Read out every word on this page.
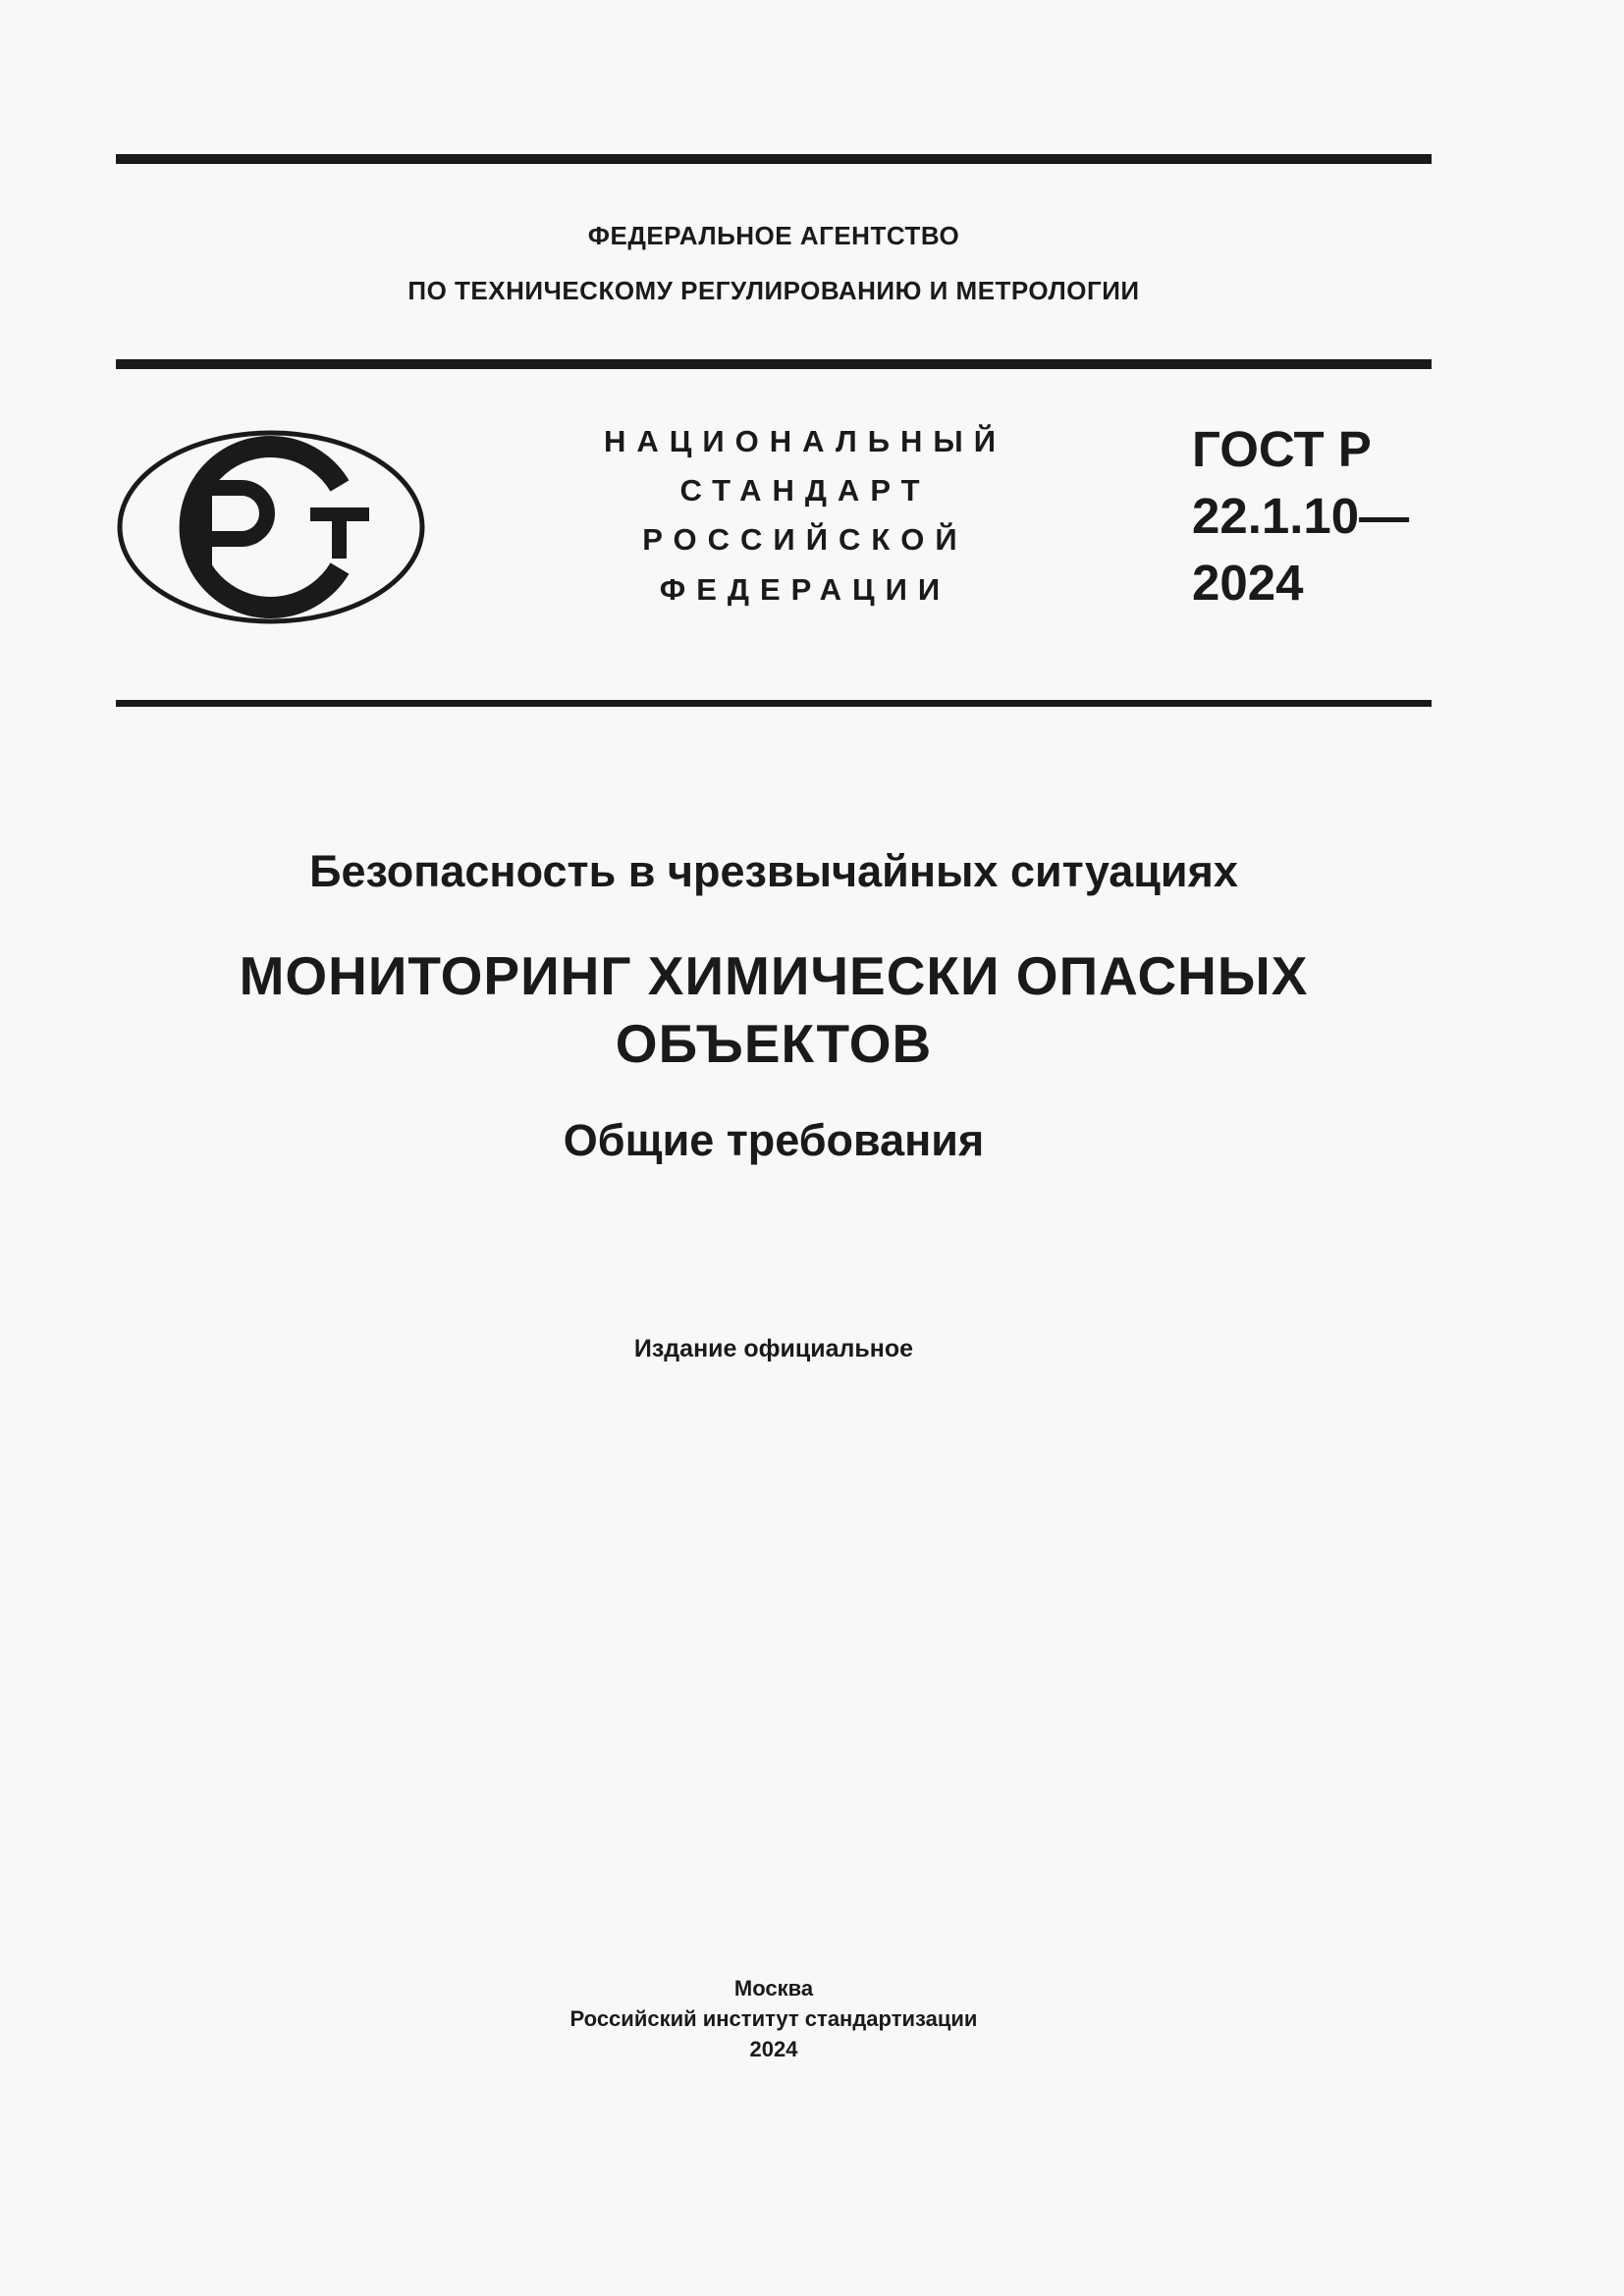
ФЕДЕРАЛЬНОЕ АГЕНТСТВО
ПО ТЕХНИЧЕСКОМУ РЕГУЛИРОВАНИЮ И МЕТРОЛОГИИ
НАЦИОНАЛЬНЫЙ
СТАНДАРТ
РОССИЙСКОЙ
ФЕДЕРАЦИИ
ГОСТ Р
22.1.10—
2024
Безопасность в чрезвычайных ситуациях
МОНИТОРИНГ ХИМИЧЕСКИ ОПАСНЫХ
ОБЪЕКТОВ
Общие требования
Издание официальное
Москва
Российский институт стандартизации
2024
